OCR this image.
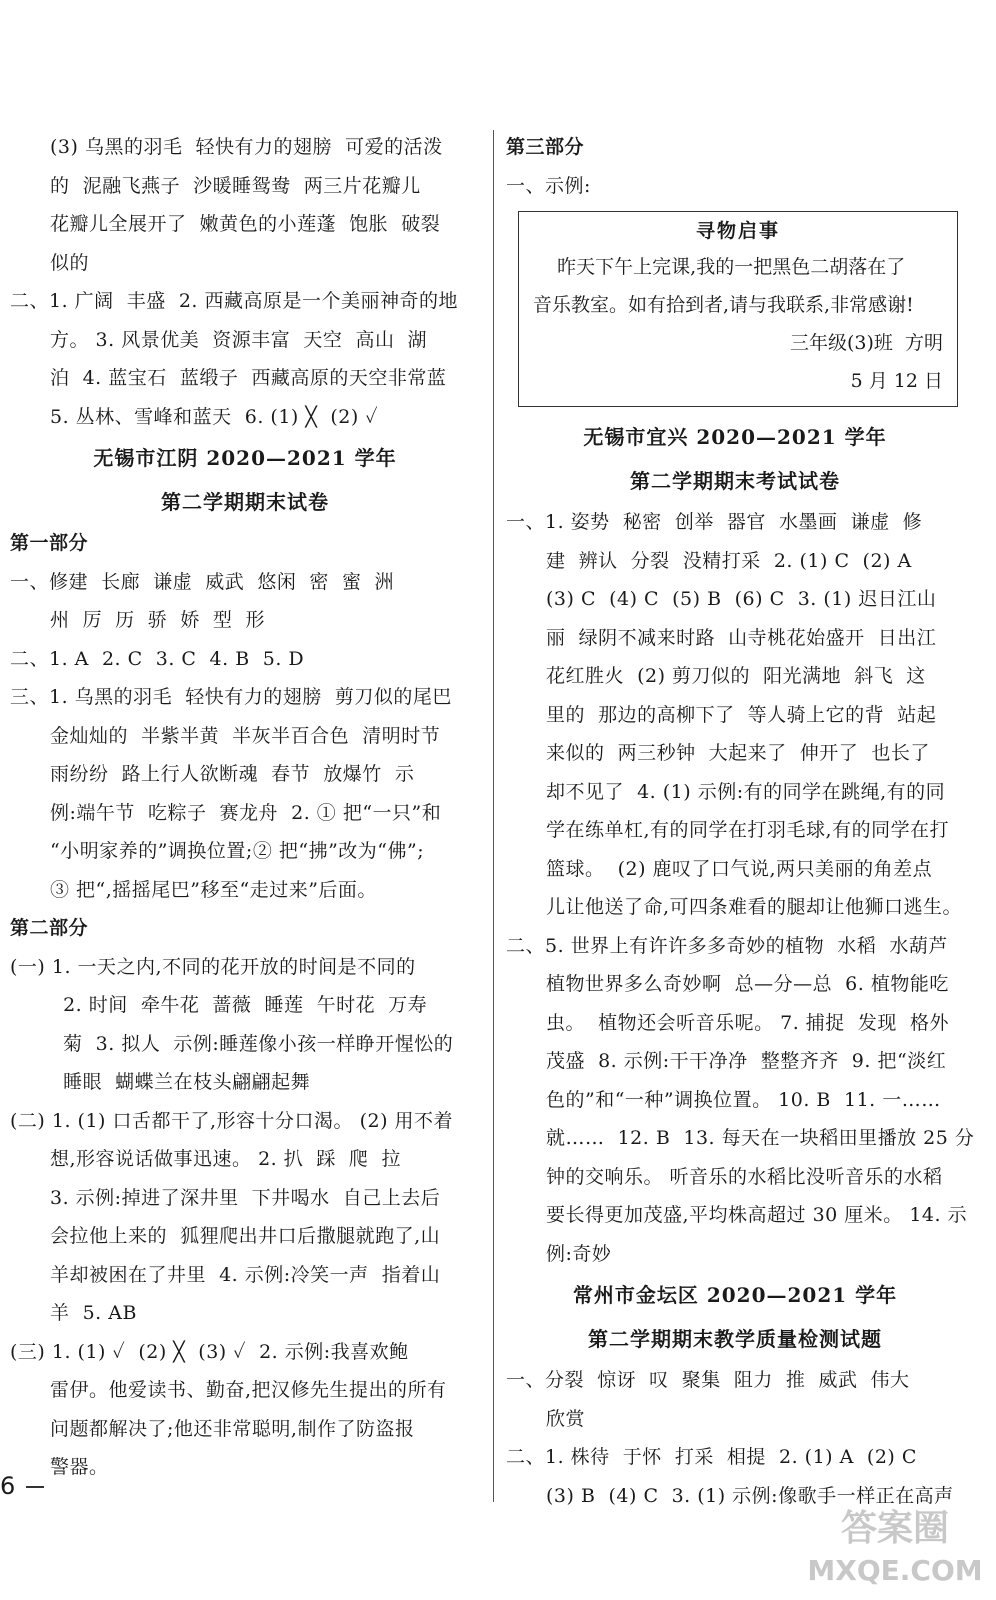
(3) 乌黑的羽毛  轻快有力的翅膀  可爱的活泼
的  泥融飞燕子  沙暖睡鸳鸯  两三片花瓣儿
花瓣儿全展开了  嫩黄色的小莲蓬  饱胀  破裂
似的
二、1. 广阔  丰盛  2. 西藏高原是一个美丽神奇的地
方。 3. 风景优美  资源丰富  天空  高山  湖
泊  4. 蓝宝石  蓝缎子  西藏高原的天空非常蓝
5. 丛林、雪峰和蓝天  6. (1) ╳  (2) ✓
无锡市江阴 2020—2021 学年
第二学期期末试卷
第一部分
一、修建  长廊  谦虚  威武  悠闲  密  蜜  洲
州  厉  历  骄  娇  型  形
二、1. A  2. C  3. C  4. B  5. D
三、1. 乌黑的羽毛  轻快有力的翅膀  剪刀似的尾巴
金灿灿的  半紫半黄  半灰半百合色  清明时节
雨纷纷  路上行人欲断魂  春节  放爆竹  示
例:端午节  吃粽子  赛龙舟  2. ① 把“一只”和
“小明家养的”调换位置;② 把“拂”改为“佛”;
③ 把“,摇摇尾巴”移至“走过来”后面。
第二部分
(一) 1. 一天之内,不同的花开放的时间是不同的
2. 时间  牵牛花  蔷薇  睡莲  午时花  万寿
菊  3. 拟人  示例:睡莲像小孩一样睁开惺忪的
睡眼  蝴蝶兰在枝头翩翩起舞
(二) 1. (1) 口舌都干了,形容十分口渴。 (2) 用不着
想,形容说话做事迅速。 2. 扒  踩  爬  拉
3. 示例:掉进了深井里  下井喝水  自己上去后
会拉他上来的  狐狸爬出井口后撒腿就跑了,山
羊却被困在了井里  4. 示例:冷笑一声  指着山
羊  5. AB
(三) 1. (1) ✓  (2) ╳  (3) ✓  2. 示例:我喜欢鲍
雷伊。他爱读书、勤奋,把汉修先生提出的所有
问题都解决了;他还非常聪明,制作了防盗报
警器。
第三部分
一、示例:
寻物启事
昨天下午上完课,我的一把黑色二胡落在了
音乐教室。如有拾到者,请与我联系,非常感谢!
三年级(3)班  方明
5 月 12 日
无锡市宜兴 2020—2021 学年
第二学期期末考试试卷
一、1. 姿势  秘密  创举  器官  水墨画  谦虚  修
建  辨认  分裂  没精打采  2. (1) C  (2) A
(3) C  (4) C  (5) B  (6) C  3. (1) 迟日江山
丽  绿阴不减来时路  山寺桃花始盛开  日出江
花红胜火  (2) 剪刀似的  阳光满地  斜飞  这
里的  那边的高柳下了  等人骑上它的背  站起
来似的  两三秒钟  大起来了  伸开了  也长了
却不见了  4. (1) 示例:有的同学在跳绳,有的同
学在练单杠,有的同学在打羽毛球,有的同学在打
篮球。  (2) 鹿叹了口气说,两只美丽的角差点
儿让他送了命,可四条难看的腿却让他狮口逃生。
二、5. 世界上有许许多多奇妙的植物  水稻  水葫芦
植物世界多么奇妙啊  总—分—总  6. 植物能吃
虫。  植物还会听音乐呢。 7. 捕捉  发现  格外
茂盛  8. 示例:干干净净  整整齐齐  9. 把“淡红
色的”和“一种”调换位置。 10. B  11. 一……
就……  12. B  13. 每天在一块稻田里播放 25 分
钟的交响乐。 听音乐的水稻比没听音乐的水稻
要长得更加茂盛,平均株高超过 30 厘米。 14. 示
例:奇妙
常州市金坛区 2020—2021 学年
第二学期期末教学质量检测试题
一、分裂  惊讶  叹  聚集  阻力  推  威武  伟大
欣赏
二、1. 株待  于怀  打采  相提  2. (1) A  (2) C
(3) B  (4) C  3. (1) 示例:像歌手一样正在高声
6
答案圈
MXQE.COM
